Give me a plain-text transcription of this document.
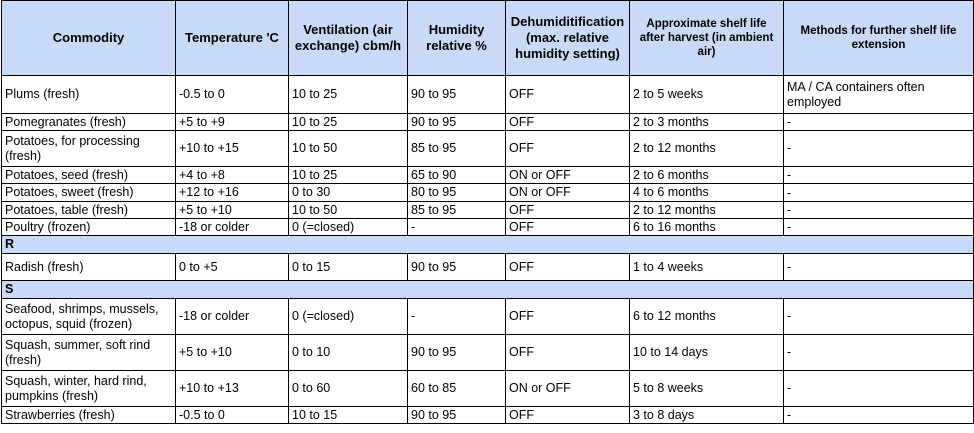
Commodity	Temperature 'C	Ventilation (air exchange) cbm/h	Humidity relative %	Dehumiditification (max. relative humidity setting)	Approximate shelf life after harvest (in ambient air)	Methods for further shelf life extension
Plums (fresh)	-0.5 to 0	10 to 25	90 to 95	OFF	2 to 5 weeks	MA / CA containers often employed
Pomegranates (fresh)	+5 to +9	10 to 25	90 to 95	OFF	2 to 3 months	-
Potatoes, for processing (fresh)	+10 to +15	10 to 50	85 to 95	OFF	2 to 12 months	-
Potatoes, seed (fresh)	+4 to +8	10 to 25	65 to 90	ON or OFF	2 to 6 months	-
Potatoes, sweet (fresh)	+12 to +16	0 to 30	80 to 95	ON or OFF	4 to 6 months	-
Potatoes, table (fresh)	+5 to +10	10 to 50	85 to 95	OFF	2 to 12 months	-
Poultry (frozen)	-18 or colder	0 (=closed)	-	OFF	6 to 16 months	-
R						
Radish (fresh)	0 to +5	0 to 15	90 to 95	OFF	1 to 4 weeks	-
S						
Seafood, shrimps, mussels, octopus, squid (frozen)	-18 or colder	0 (=closed)	-	OFF	6 to 12 months	-
Squash, summer, soft rind (fresh)	+5 to +10	0 to 10	90 to 95	OFF	10 to 14 days	-
Squash, winter, hard rind, pumpkins (fresh)	+10 to +13	0 to 60	60 to 85	ON or OFF	5 to 8 weeks	-
Strawberries (fresh)	-0.5 to 0	10 to 15	90 to 95	OFF	3 to 8 days	-
